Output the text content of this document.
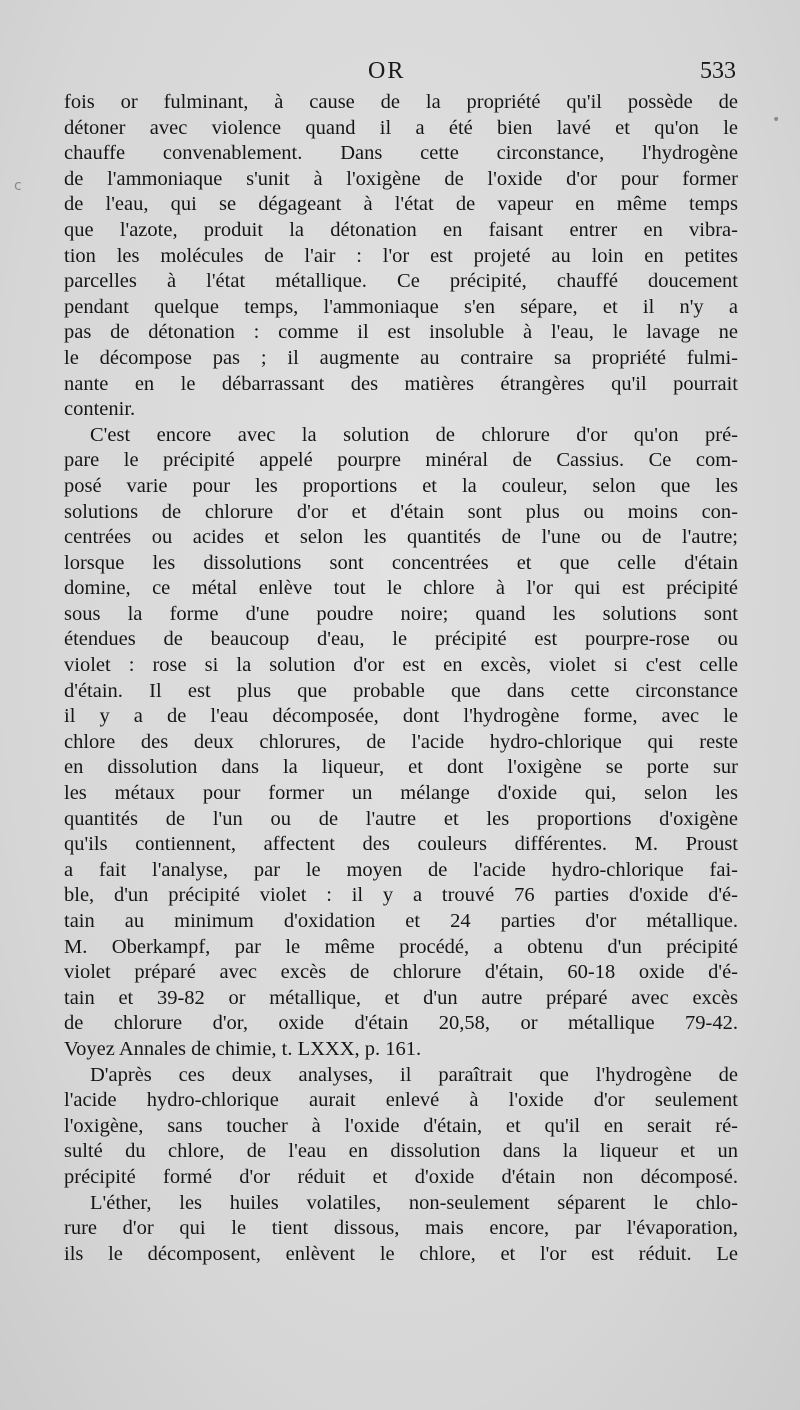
OR	533
fois or fulminant, à cause de la propriété qu'il possède de
détoner avec violence quand il a été bien lavé et qu'on le
chauffe convenablement. Dans cette circonstance, l'hydrogène
de l'ammoniaque s'unit à l'oxigène de l'oxide d'or pour former
de l'eau, qui se dégageant à l'état de vapeur en même temps
que l'azote, produit la détonation en faisant entrer en vibra-
tion les molécules de l'air : l'or est projeté au loin en petites
parcelles à l'état métallique. Ce précipité, chauffé doucement
pendant quelque temps, l'ammoniaque s'en sépare, et il n'y a
pas de détonation : comme il est insoluble à l'eau, le lavage ne
le décompose pas ; il augmente au contraire sa propriété fulmi-
nante en le débarrassant des matières étrangères qu'il pourrait
contenir.
C'est encore avec la solution de chlorure d'or qu'on pré-
pare le précipité appelé pourpre minéral de Cassius. Ce com-
posé varie pour les proportions et la couleur, selon que les
solutions de chlorure d'or et d'étain sont plus ou moins con-
centrées ou acides et selon les quantités de l'une ou de l'autre;
lorsque les dissolutions sont concentrées et que celle d'étain
domine, ce métal enlève tout le chlore à l'or qui est précipité
sous la forme d'une poudre noire; quand les solutions sont
étendues de beaucoup d'eau, le précipité est pourpre-rose ou
violet : rose si la solution d'or est en excès, violet si c'est celle
d'étain. Il est plus que probable que dans cette circonstance
il y a de l'eau décomposée, dont l'hydrogène forme, avec le
chlore des deux chlorures, de l'acide hydro-chlorique qui reste
en dissolution dans la liqueur, et dont l'oxigène se porte sur
les métaux pour former un mélange d'oxide qui, selon les
quantités de l'un ou de l'autre et les proportions d'oxigène
qu'ils contiennent, affectent des couleurs différentes. M. Proust
a fait l'analyse, par le moyen de l'acide hydro-chlorique fai-
ble, d'un précipité violet : il y a trouvé 76 parties d'oxide d'é-
tain au minimum d'oxidation et 24 parties d'or métallique.
M. Oberkampf, par le même procédé, a obtenu d'un précipité
violet préparé avec excès de chlorure d'étain, 60-18 oxide d'é-
tain et 39-82 or métallique, et d'un autre préparé avec excès
de chlorure d'or, oxide d'étain 20,58, or métallique 79-42.
Voyez Annales de chimie, t. LXXX, p. 161.
D'après ces deux analyses, il paraîtrait que l'hydrogène de
l'acide hydro-chlorique aurait enlevé à l'oxide d'or seulement
l'oxigène, sans toucher à l'oxide d'étain, et qu'il en serait ré-
sulté du chlore, de l'eau en dissolution dans la liqueur et un
précipité formé d'or réduit et d'oxide d'étain non décomposé.
L'éther, les huiles volatiles, non-seulement séparent le chlo-
rure d'or qui le tient dissous, mais encore, par l'évaporation,
ils le décomposent, enlèvent le chlore, et l'or est réduit. Le
•
c
